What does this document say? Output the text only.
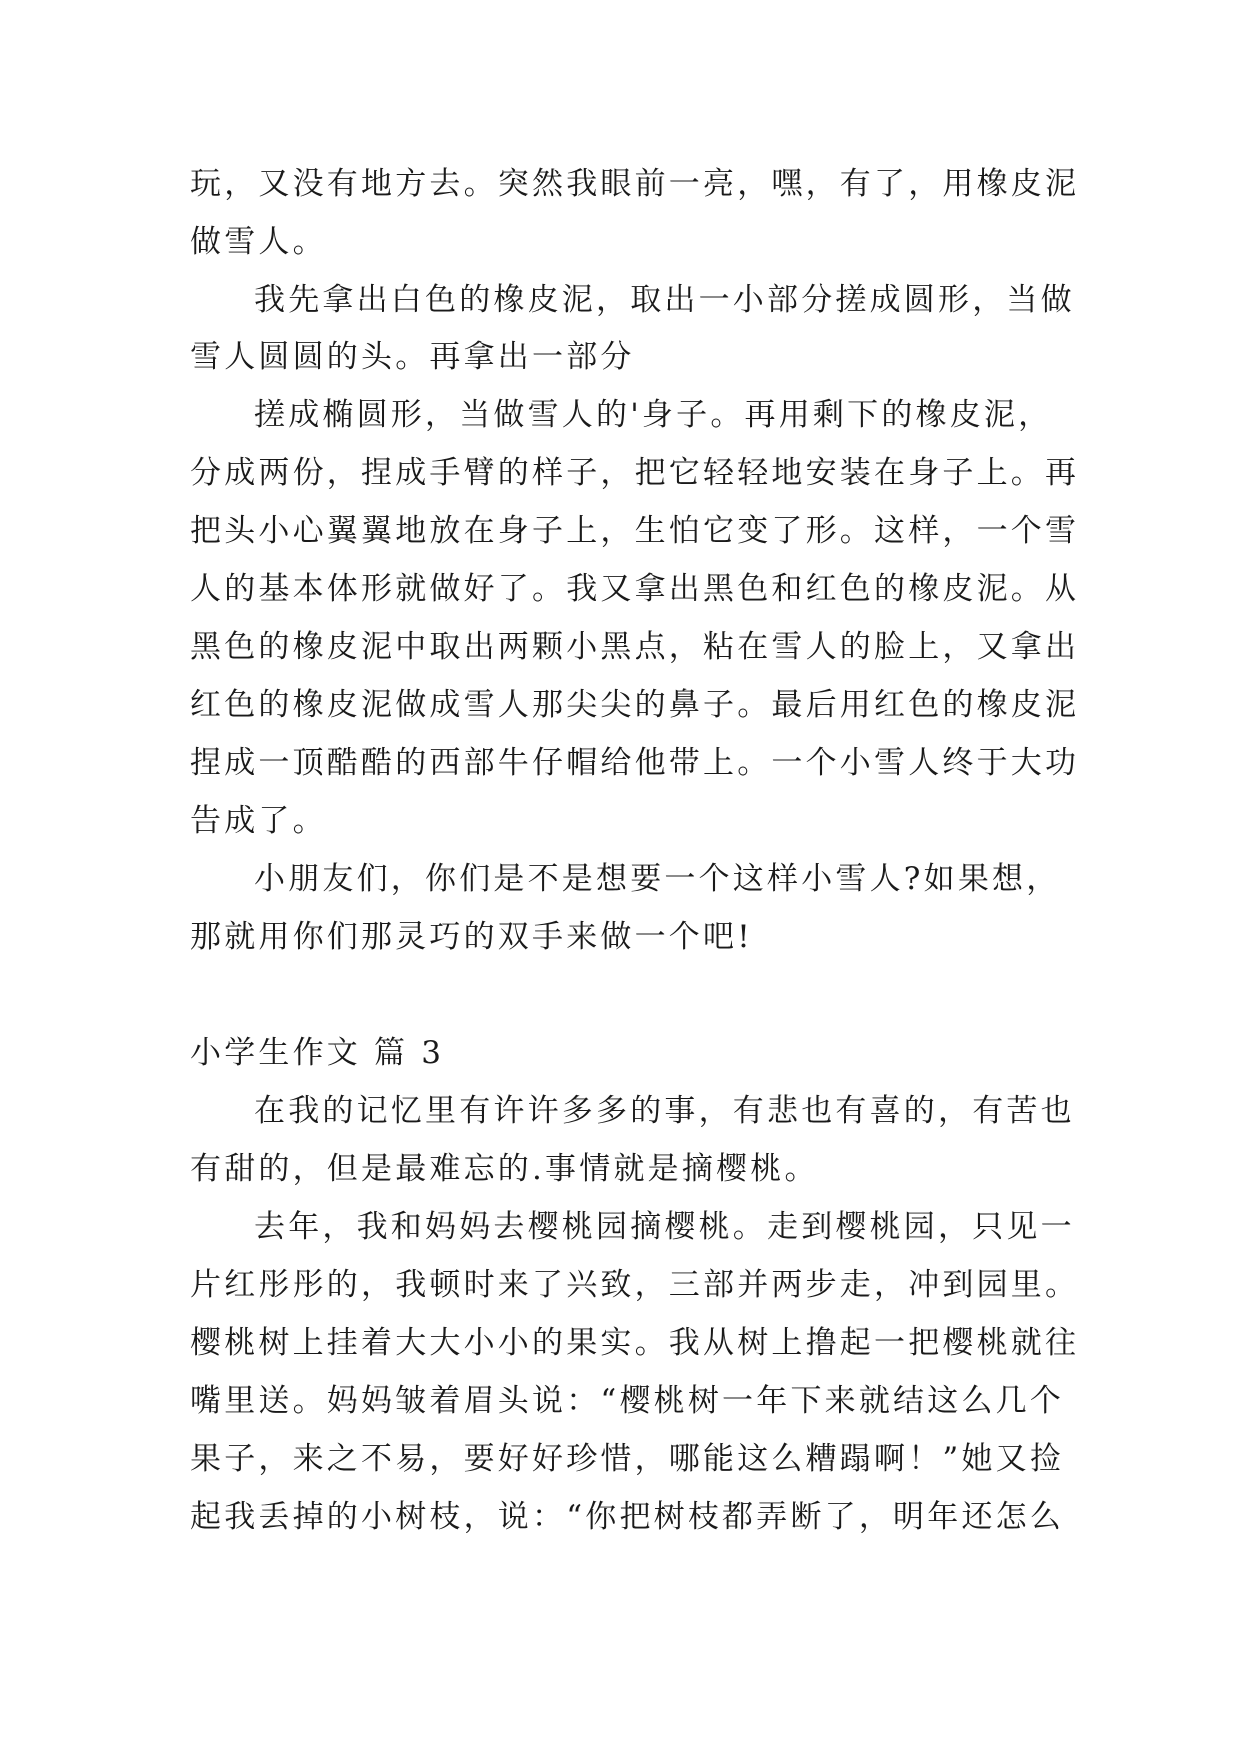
玩，又没有地方去。突然我眼前一亮，嘿，有了，用橡皮泥
做雪人。
我先拿出白色的橡皮泥，取出一小部分搓成圆形，当做
雪人圆圆的头。再拿出一部分
搓成椭圆形，当做雪人的'身子。再用剩下的橡皮泥，
分成两份，捏成手臂的样子，把它轻轻地安装在身子上。再
把头小心翼翼地放在身子上，生怕它变了形。这样，一个雪
人的基本体形就做好了。我又拿出黑色和红色的橡皮泥。从
黑色的橡皮泥中取出两颗小黑点，粘在雪人的脸上，又拿出
红色的橡皮泥做成雪人那尖尖的鼻子。最后用红色的橡皮泥
捏成一顶酷酷的西部牛仔帽给他带上。一个小雪人终于大功
告成了。
小朋友们，你们是不是想要一个这样小雪人?如果想，
那就用你们那灵巧的双手来做一个吧!
小学生作文 篇 3
在我的记忆里有许许多多的事，有悲也有喜的，有苦也
有甜的，但是最难忘的.事情就是摘樱桃。
去年，我和妈妈去樱桃园摘樱桃。走到樱桃园，只见一
片红彤彤的，我顿时来了兴致，三部并两步走，冲到园里。
樱桃树上挂着大大小小的果实。我从树上撸起一把樱桃就往
嘴里送。妈妈皱着眉头说：“樱桃树一年下来就结这么几个
果子，来之不易，要好好珍惜，哪能这么糟蹋啊！”她又捡
起我丢掉的小树枝，说：“你把树枝都弄断了，明年还怎么
